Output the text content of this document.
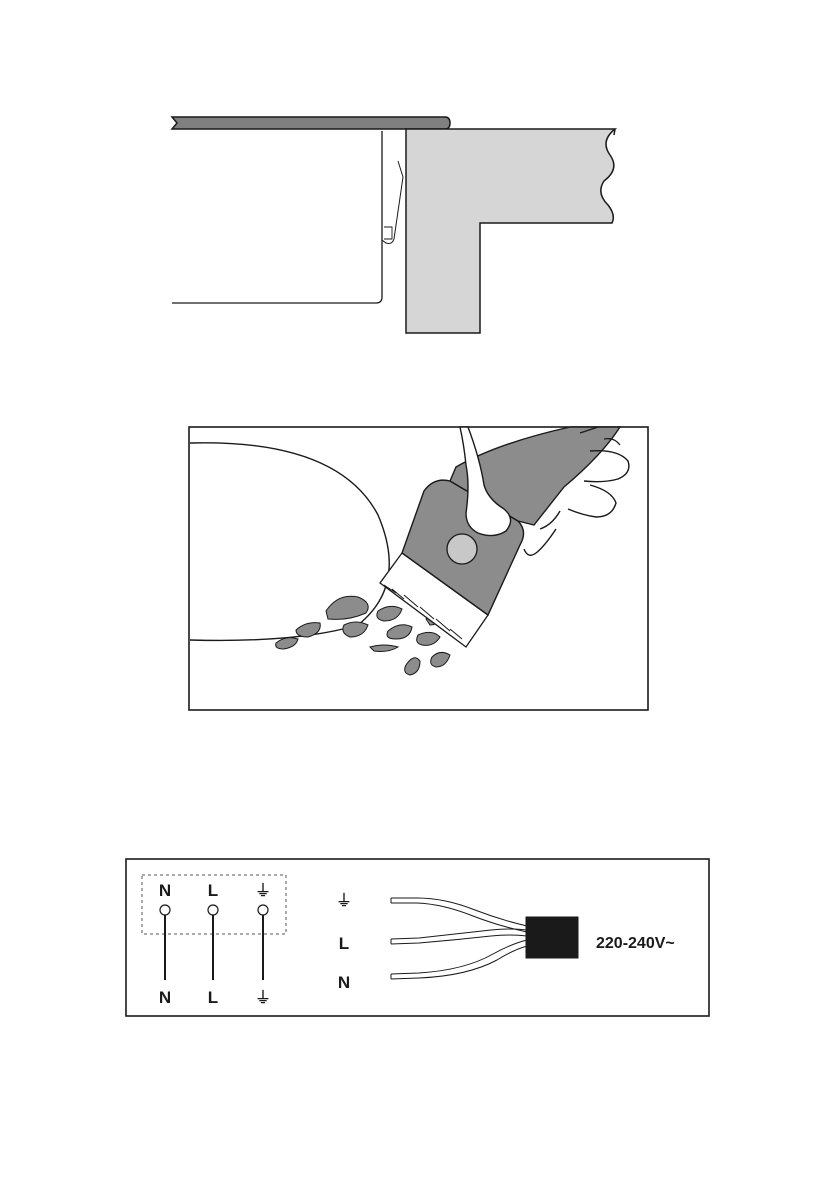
N
N
L
L
⏚
⏚
⏚
L
N
220-240V~
